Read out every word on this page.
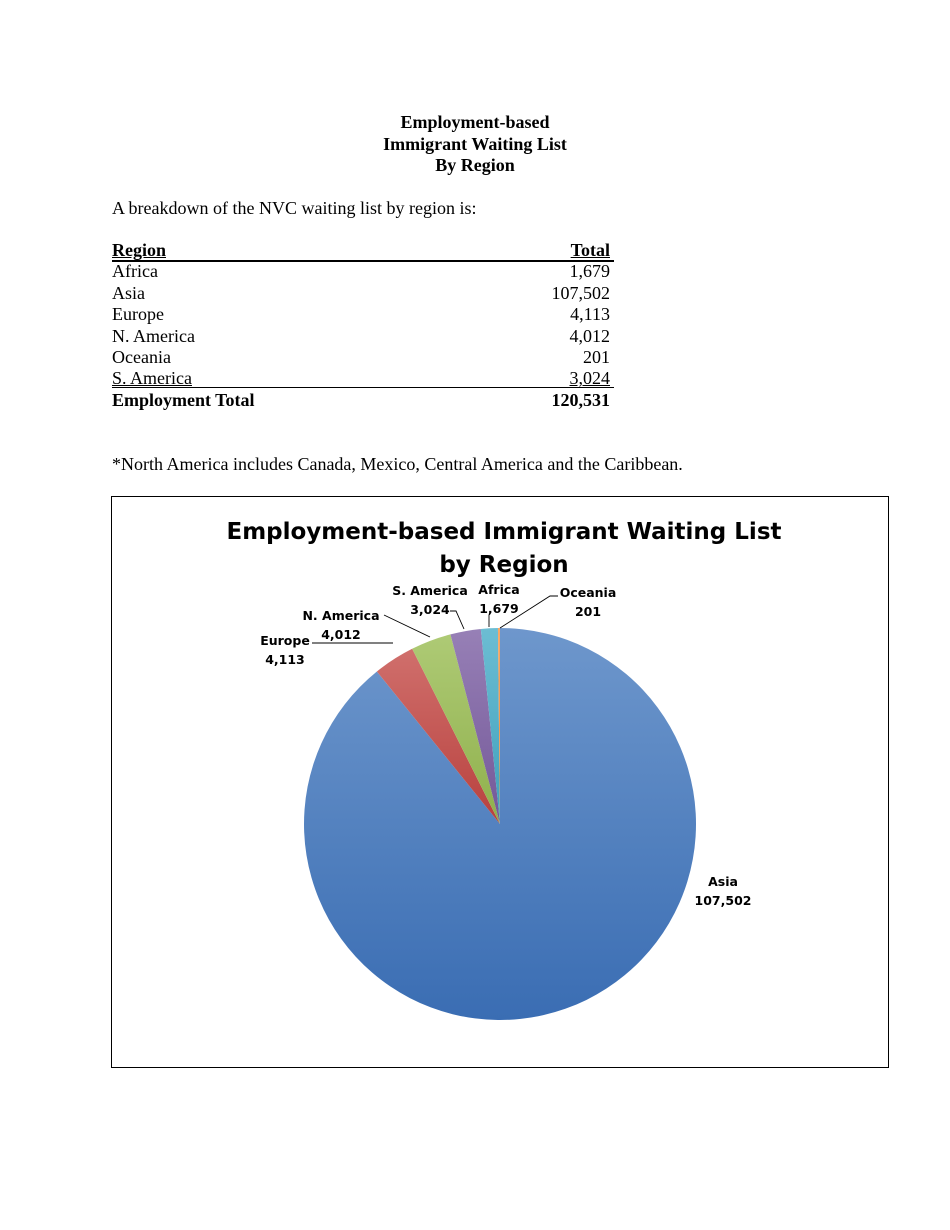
Employment-based
Immigrant Waiting List
By Region
A breakdown of the NVC waiting list by region is:
Region	Total
Africa	1,679
Asia	107,502
Europe	4,113
N. America	4,012
Oceania	201
S. America	3,024
Employment Total	120,531
*North America includes Canada, Mexico, Central America and the Caribbean.
Employment-based Immigrant Waiting List
by Region
Asia
107,502
Europe
4,113
N. America
4,012
S. America
3,024
Africa
1,679
Oceania
201
